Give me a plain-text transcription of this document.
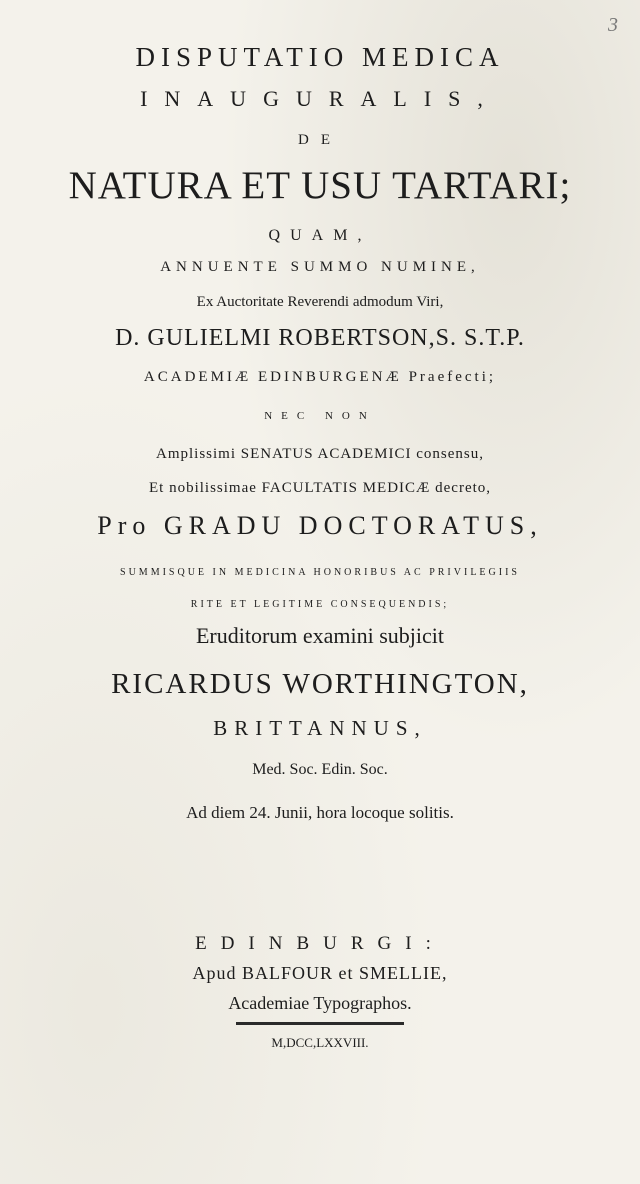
3
DISPUTATIO MEDICA
INAUGURALIS,
DE
NATURA ET USU TARTARI;
QUAM,
ANNUENTE SUMMO NUMINE,
Ex Auctoritate Reverendi admodum Viri,
D. GULIELMI ROBERTSON,S. S.T.P.
ACADEMIÆ EDINBURGENÆ Praefecti;
NEC NON
Amplissimi SENATUS ACADEMICI consensu,
Et nobilissimae FACULTATIS MEDICÆ decreto,
Pro GRADU DOCTORATUS,
SUMMISQUE IN MEDICINA HONORIBUS AC PRIVILEGIIS
RITE ET LEGITIME CONSEQUENDIS;
Eruditorum examini subjicit
RICARDUS WORTHINGTON,
BRITTANNUS,
Med. Soc. Edin. Soc.
Ad diem 24. Junii, hora locoque solitis.
EDINBURGI:
Apud BALFOUR et SMELLIE,
Academiae Typographos.
M,DCC,LXXVIII.
